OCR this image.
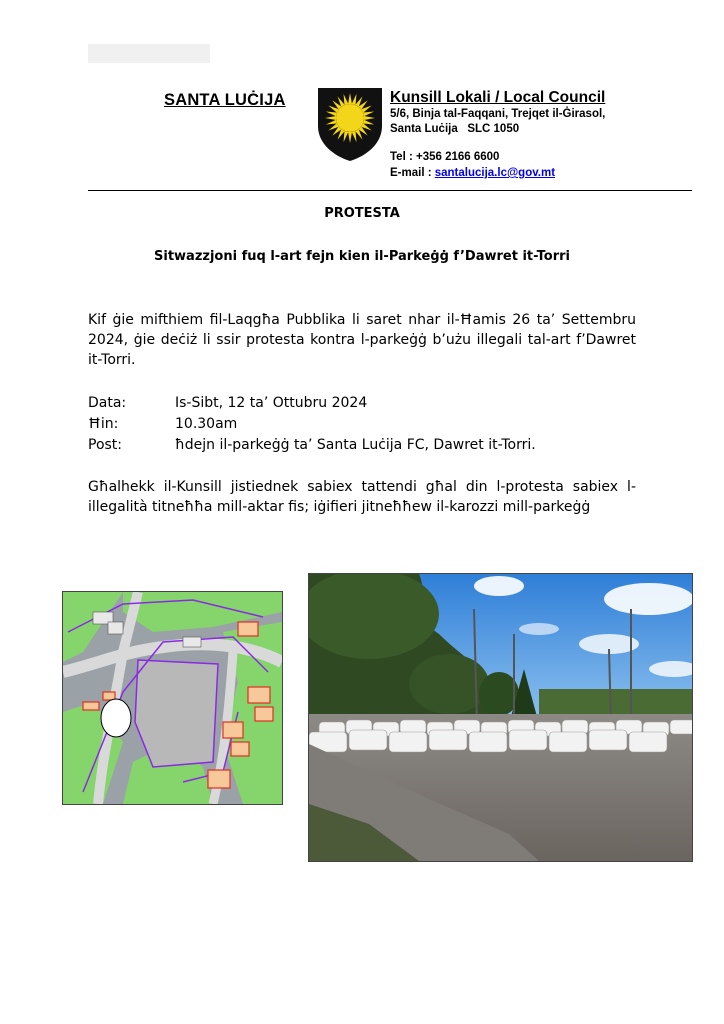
SANTA LUĊIJA	Kunsill Lokali / Local Council
5/6, Binja tal-Faqqani, Trejqet il-Ġirasol,
Santa Luċija   SLC 1050
Tel : +356 2166 6600
E-mail : santalucija.lc@gov.mt
PROTESTA
Sitwazzjoni fuq l-art fejn kien il-Parkeġġ f’Dawret it-Torri
Kif ġie mifthiem fil-Laqgħa Pubblika li saret nhar il-Ħamis 26 ta’ Settembru 2024, ġie deċiż li ssir protesta kontra l-parkeġġ b’użu illegali tal-art f’Dawret it-Torri.
Data:	Is-Sibt, 12 ta’ Ottubru 2024
Ħin:	10.30am
Post:	ħdejn il-parkeġġ ta’ Santa Luċija FC, Dawret it-Torri.
Għalhekk il-Kunsill jistiednek sabiex tattendi għal din l-protesta sabiex l-illegalità titneħħa mill-aktar fis; iġifieri jitneħħew il-karozzi mill-parkeġġ
